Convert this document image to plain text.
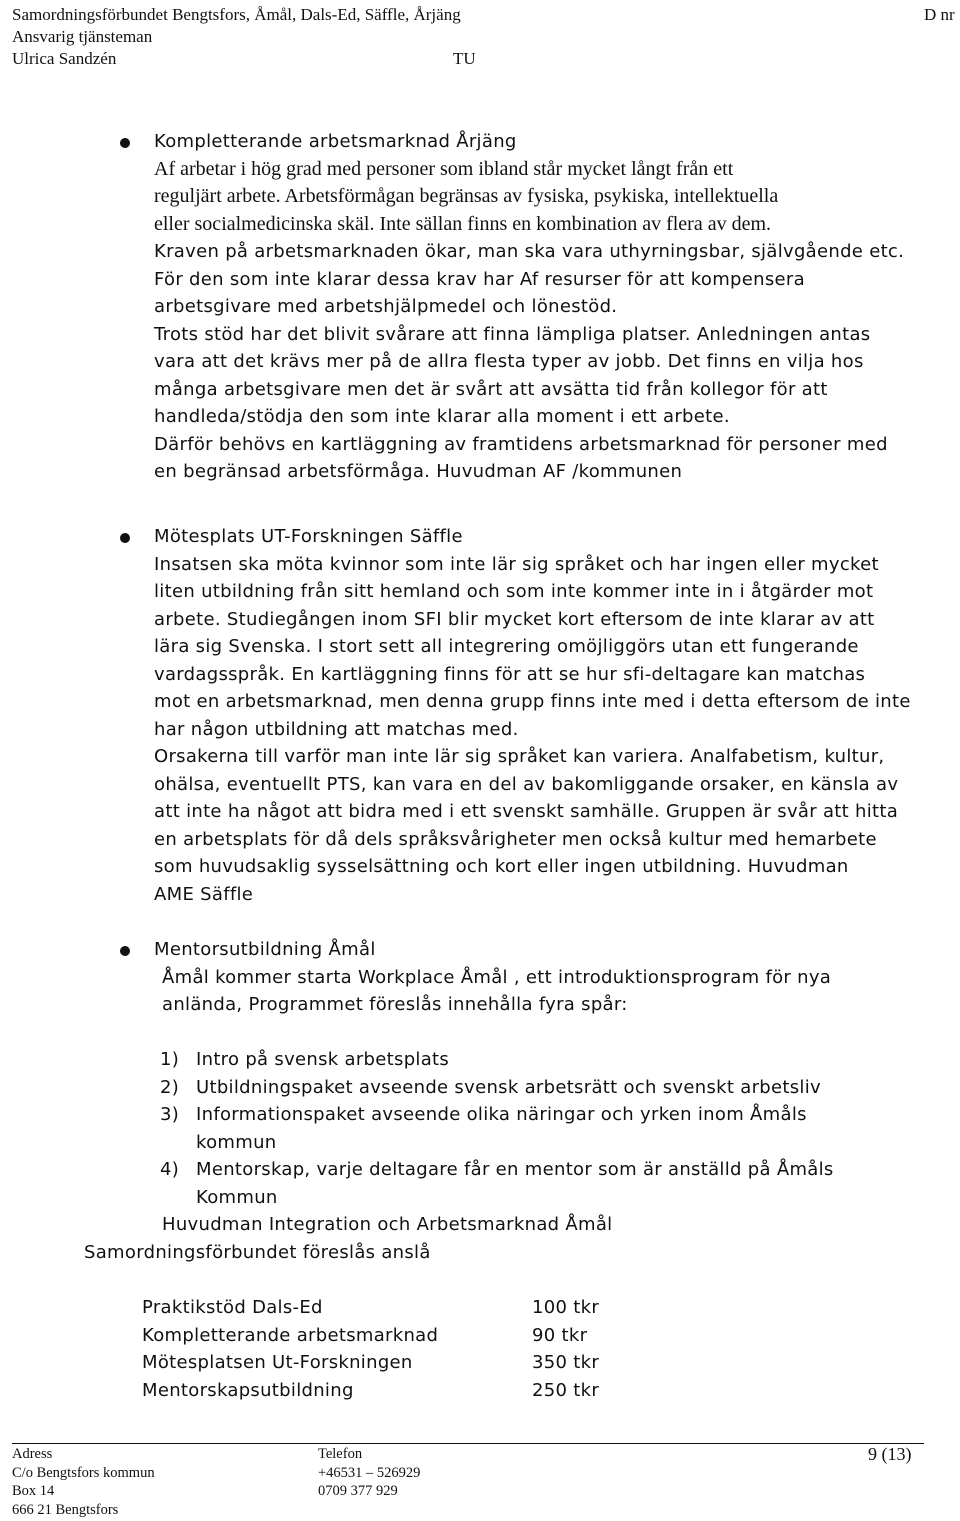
Samordningsförbundet Bengtsfors, Åmål, Dals-Ed, Säffle, Årjäng
Ansvarig tjänsteman
Ulrica Sandzén
D nr
TU
Kompletterande arbetsmarknad Årjäng
Af arbetar i hög grad med personer som ibland står mycket långt från ett
reguljärt arbete. Arbetsförmågan begränsas av fysiska, psykiska, intellektuella
eller socialmedicinska skäl. Inte sällan finns en kombination av flera av dem.
Kraven på arbetsmarknaden ökar, man ska vara uthyrningsbar, självgående etc.
För den som inte klarar dessa krav har Af resurser för att kompensera
arbetsgivare med arbetshjälpmedel och lönestöd.
Trots stöd har det blivit svårare att finna lämpliga platser. Anledningen antas
vara att det krävs mer på de allra flesta typer av jobb. Det finns en vilja hos
många arbetsgivare men det är svårt att avsätta tid från kollegor för att
handleda/stödja den som inte klarar alla moment i ett arbete.
Därför behövs en kartläggning av framtidens arbetsmarknad för personer med
en begränsad arbetsförmåga. Huvudman AF /kommunen
Mötesplats UT-Forskningen Säffle
Insatsen ska möta kvinnor som inte lär sig språket och har ingen eller mycket
liten utbildning från sitt hemland och som inte kommer inte in i åtgärder mot
arbete. Studiegången inom SFI blir mycket kort eftersom de inte klarar av att
lära sig Svenska. I stort sett all integrering omöjliggörs utan ett fungerande
vardagsspråk. En kartläggning finns för att se hur sfi-deltagare kan matchas
mot en arbetsmarknad, men denna grupp finns inte med i detta eftersom de inte
har någon utbildning att matchas med.
Orsakerna till varför man inte lär sig språket kan variera. Analfabetism, kultur,
ohälsa, eventuellt PTS, kan vara en del av bakomliggande orsaker, en känsla av
att inte ha något att bidra med i ett svenskt samhälle. Gruppen är svår att hitta
en arbetsplats för då dels språksvårigheter men också kultur med hemarbete
som huvudsaklig sysselsättning och kort eller ingen utbildning. Huvudman
AME Säffle
Mentorsutbildning Åmål
Åmål kommer starta Workplace Åmål , ett introduktionsprogram för nya
anlända, Programmet föreslås innehålla fyra spår:
1) Intro på svensk arbetsplats
2) Utbildningspaket avseende svensk arbetsrätt och svenskt arbetsliv
3) Informationspaket avseende olika näringar och yrken inom Åmåls
kommun
4) Mentorskap, varje deltagare får en mentor som är anställd på Åmåls
Kommun
Huvudman Integration och Arbetsmarknad Åmål
Samordningsförbundet föreslås anslå
Praktikstöd Dals-Ed	100 tkr
Kompletterande arbetsmarknad	90 tkr
Mötesplatsen Ut-Forskningen	350 tkr
Mentorskapsutbildning	250 tkr
Adress
C/o Bengtsfors kommun
Box 14
666 21 Bengtsfors
Telefon
+46531 – 526929
0709 377 929
9 (13)
